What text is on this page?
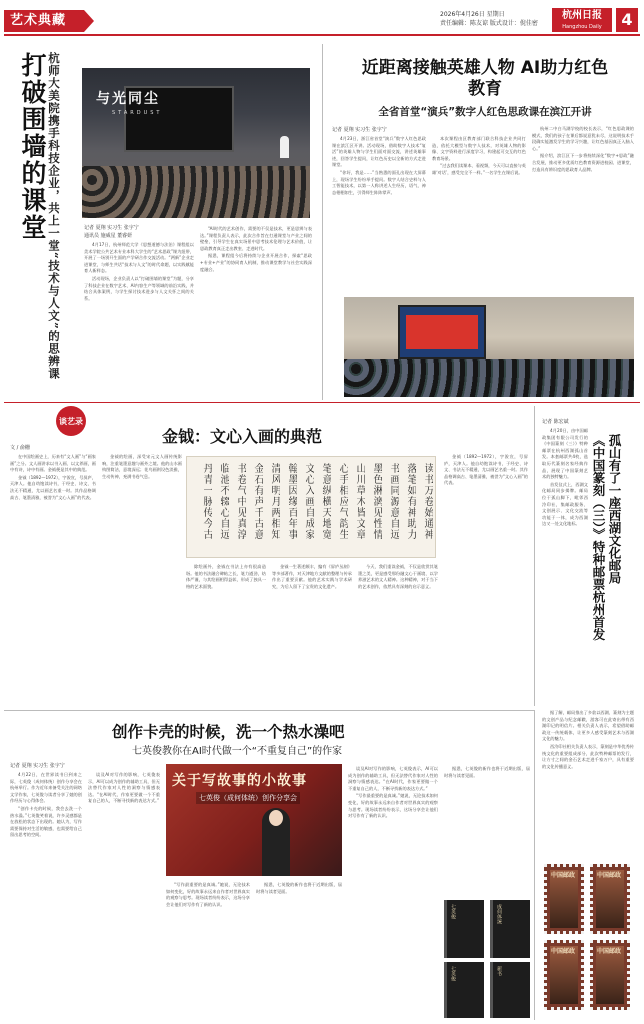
艺术典藏	2026年4月26日 星期日
责任编辑：陈友谅 版式设计：倪佳密
杭州日报
Hangzhou Daily	4
打破围墙的课堂 杭师大美院携手科技企业，共上一堂“技术与人文”的思辨课	与光同尘
STARDUST
记者 夏翔 实习生 张宇宁
通讯员 施威星 董睿妍

4月17日，杭州师范大学《思想道德与法治》课程组以美术学院公共艺术专业本科大学生的“艺术思政”课为纽带，开展了一场别开生面的产学研合作交流活动。“两新”企业走进课堂，与师生共话“技术与人文”的时代命题，以实践赋能育人新样态。

活动现场，企业负责人以“打破围墙的课堂”为题，分享了科技企业在数字艺术、AI内容生产等领域的前沿实践，并结合具体案例，与学生探讨技术进步与人文关怀之间的关系。

“AI时代的艺术创作，需要的不仅是技术，更是思辨与表达。”课程负责人表示，此次合作旨在打通课堂与产业之间的壁垒，引导学生在真实场景中思考技术伦理与艺术价值，让思政教育真正走出教室、走进时代。

据悉，课程组今后将持续与企业开展合作，探索“思政+专业+产业”的协同育人机制，推动课堂教学与社会实践深度融合。

近距离接触英雄人物 AI助力红色教育
全省首堂“演兵”数字人红色思政课在滨江开讲
记者 夏翔 实习生 张宇宁

4月23日，浙江省首堂“演兵”数字人红色思政课在滨江区开讲。活动现场，借助数字人技术“复活”的英雄人物与学生们面对面交流，讲述英雄事迹，回答学生提问，让红色历史以全新的方式走进课堂。

“你好，我是……”当熟悉的面孔出现在大屏幕上，现场学生纷纷举手提问。数字人结合史料与人工智能技术，以第一人称讲述人生经历，语气、神态栩栩如生，引得师生阵阵掌声。

本次课程由区教育部门联合科技企业共同打造，依托大模型与数字人技术，对英雄人物的影像、文字资料进行深度学习，构建起可交互的红色教育场景。

“过去我们读课本、看视频，今天可以直接与英雄‘对话’，感受完全不一样。”一名学生在课后说。

杭州二中白马湖学校的校长表示，“红色思政课的模式，我们的孩子在课后都说意犹未尽，这说明技术手段确实能激发学生的学习兴趣，让红色基因真正入脑入心。”

据介绍，滨江区下一步将持续深化“数字+思政”融合发展，推动更多优质红色教育资源进校园、进课堂，打造具有辨识度的思政育人品牌。

谈艺录
金钺：文心入画的典范
文 / 俞栅

在中国绘画史上，历来有“文人画”与“画家画”之分。文人画讲求以书入画、以文养画，画中有诗，诗中有画。金钺便是其中的典范。

金钺（1892—1972），字浚宣，号屏庐，天津人。他自幼饱读诗书，于经史、诗文、书法无不精通，尤以画艺名重一时。其作品格调高古、笔墨清雅，被誉为“文心入画”的代表。

金钺的绘画，深受宋元文人画传统影响，注重笔墨意趣与画外之境。他的山水画构图简洁，意境深远；花鸟画则设色淡雅，生动传神，充满书卷气息。	读书万卷始通神
落笔如有神助力
书画同源意自远
墨色淋漓见性情
山川草木皆文章
心手相应气韵生
笔意纵横天地宽
文心入画自成家
翰墨因缘百年事
清风明月两相知
金石有声千古意
书卷气中见真淳
临池不辍心自远
丹青一脉传今古

除绘画外，金钺在书法上亦有很高造诣。他的书法融合碑帖之长，笔力遒劲，结体严谨，与其绘画相得益彰，形成了独具一格的艺术面貌。

金钺一生著述颇丰，编有《屏庐丛刻》等多部著作，对天津地方文献的整理与传承作出了重要贡献。他的艺术实践与学术研究，为后人留下了宝贵的文化遗产。

今天，我们重读金钺，不仅是欣赏其笔墨之美，更是感受那份融文心于画境、以学养滋艺术的文人精神。这种精神，对于当下的艺术创作，依然具有深刻的启示意义。

金钺（1892—1972），字浚宣，号屏庐，天津人。他自幼饱读诗书，于经史、诗文、书法无不精通，尤以画艺名重一时。其作品格调高古、笔墨清雅，被誉为“文心入画”的代表。

记者 陈宏斌

4月20日，由中国邮政集团有限公司发行的《中国篆刻（三）》特种邮票在杭州西湖孤山首发。本套邮票共4枚，选取历代篆刻名家经典作品，展现了中国篆刻艺术的独特魅力。

首发仪式上，西湖文化邮局同步揭牌。邮局位于孤山脚下，毗邻西泠印社，集邮政服务、文创展示、文化交流等功能于一体，成为西湖边又一处文化地标。 《中国篆刻（三）》特种邮票杭州首发 孤山有了一座西湖文化邮局

据了解，邮局推出了多款以西湖、篆刻为主题的文创产品与纪念邮戳，游客可在此寄出带有西湖印记的明信片。相关负责人表示，希望借助邮政这一传统载体，让更多人感受篆刻艺术与西湖文化的魅力。

西泠印社相关负责人表示，篆刻是中华优秀传统文化的重要组成部分，此次特种邮票的发行，让方寸之间的金石艺术走进千家万户，具有重要的文化传播意义。

中国邮政	中国邮政
中国邮政	中国邮政
创作卡壳的时候，洗一个热水澡吧
七英俊教你在AI时代做一个“不重复自己”的作家
记者 夏翔 实习生 张宇宁

4月22日，在世界读书日到来之际，七英俊（成何体统）创作分享会在杭州举行。作为近年来备受关注的网络文学作家，七英俊与读者分享了她的创作经历与心得体会。

“创作卡壳的时候，我会去洗一个热水澡。”七英俊笑着说，许多灵感都是在放松的状态下出现的。她认为，写作需要保持对生活的敏感，也需要给自己留出思考的空间。

谈及AI对写作的影响，七英俊表示，AI可以成为创作的辅助工具，但无法替代作家对人性的洞察与情感表达。“在AI时代，作家更要做一个不重复自己的人，不断寻找新的表达方式。”

关于写故事的小故事
七英俊（成何体统）创作分享会

“写作最重要的是真诚。”她说，无论技术如何变化，好的故事永远来自作者对世界真实的观察与思考。现场读者纷纷表示，这场分享会让他们对写作有了新的认识。

据悉，七英俊的新作也将于近期出版，届时将与读者见面。

谈及AI对写作的影响，七英俊表示，AI可以成为创作的辅助工具，但无法替代作家对人性的洞察与情感表达。“在AI时代，作家更要做一个不重复自己的人，不断寻找新的表达方式。”

“写作最重要的是真诚。”她说，无论技术如何变化，好的故事永远来自作者对世界真实的观察与思考。现场读者纷纷表示，这场分享会让他们对写作有了新的认识。

据悉，七英俊的新作也将于近期出版，届时将与读者见面。

七英俊	成何体统
七英俊	新书
